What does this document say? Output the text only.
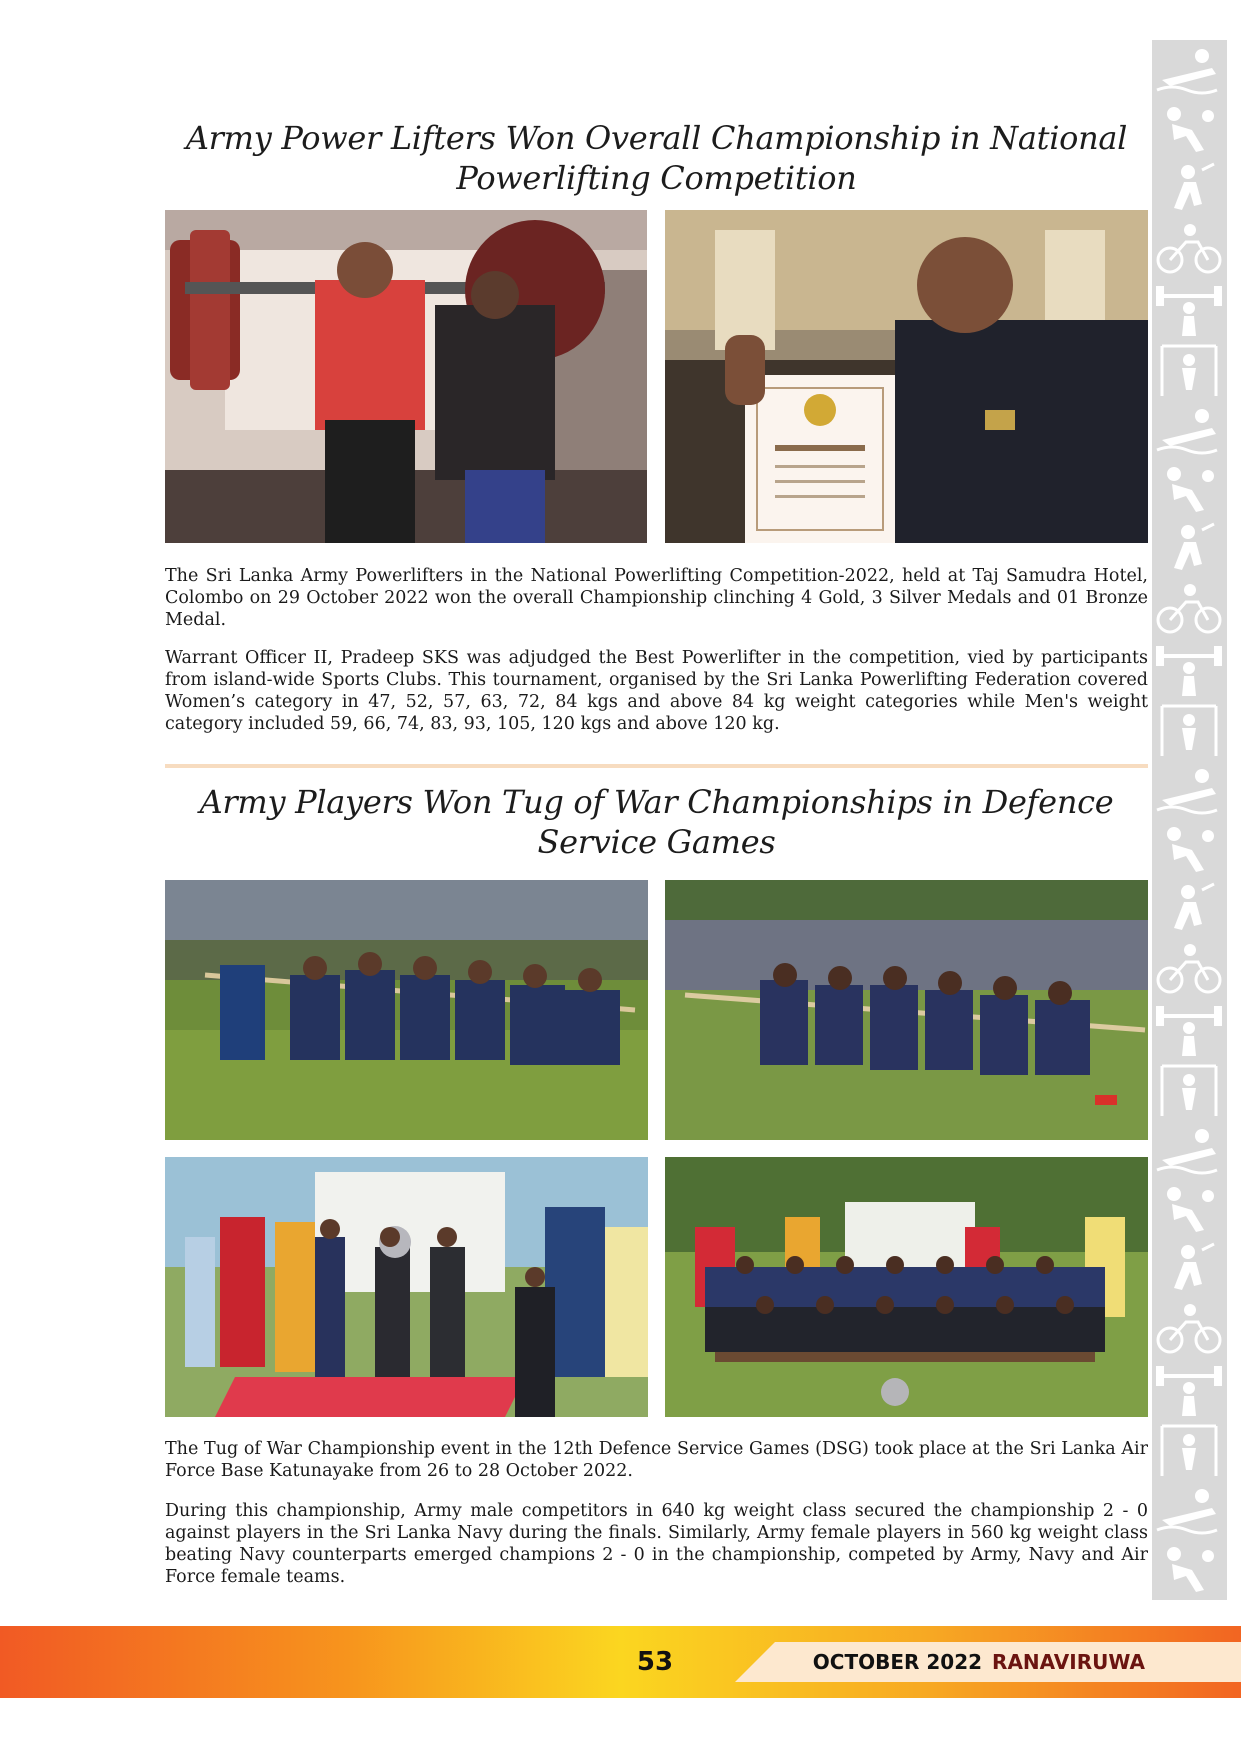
Army Power Lifters Won Overall Championship in National Powerlifting Competition

The Sri Lanka Army Powerlifters in the National Powerlifting Competition-2022, held at Taj Samudra Hotel, Colombo on 29 October 2022 won the overall Championship clinching 4 Gold, 3 Silver Medals and 01 Bronze Medal.

Warrant Officer II, Pradeep SKS was adjudged the Best Powerlifter in the competition, vied by participants from island-wide Sports Clubs. This tournament, organised by the Sri Lanka Powerlifting Federation covered Women’s category in 47, 52, 57, 63, 72, 84 kgs and above 84 kg weight categories while Men's weight category included 59, 66, 74, 83, 93, 105, 120 kgs and above 120 kg.

Army Players Won Tug of War Championships in Defence Service Games

The Tug of War Championship event in the 12th Defence Service Games (DSG) took place at the Sri Lanka Air Force Base Katunayake from 26 to 28 October 2022.

During this championship, Army male competitors in 640 kg weight class secured the championship 2 - 0 against players in the Sri Lanka Navy during the finals. Similarly, Army female players in 560 kg weight class beating Navy counterparts emerged champions 2 - 0 in the championship, competed by Army, Navy and Air Force female teams.

53	OCTOBER 2022 RANAVIRUWA
